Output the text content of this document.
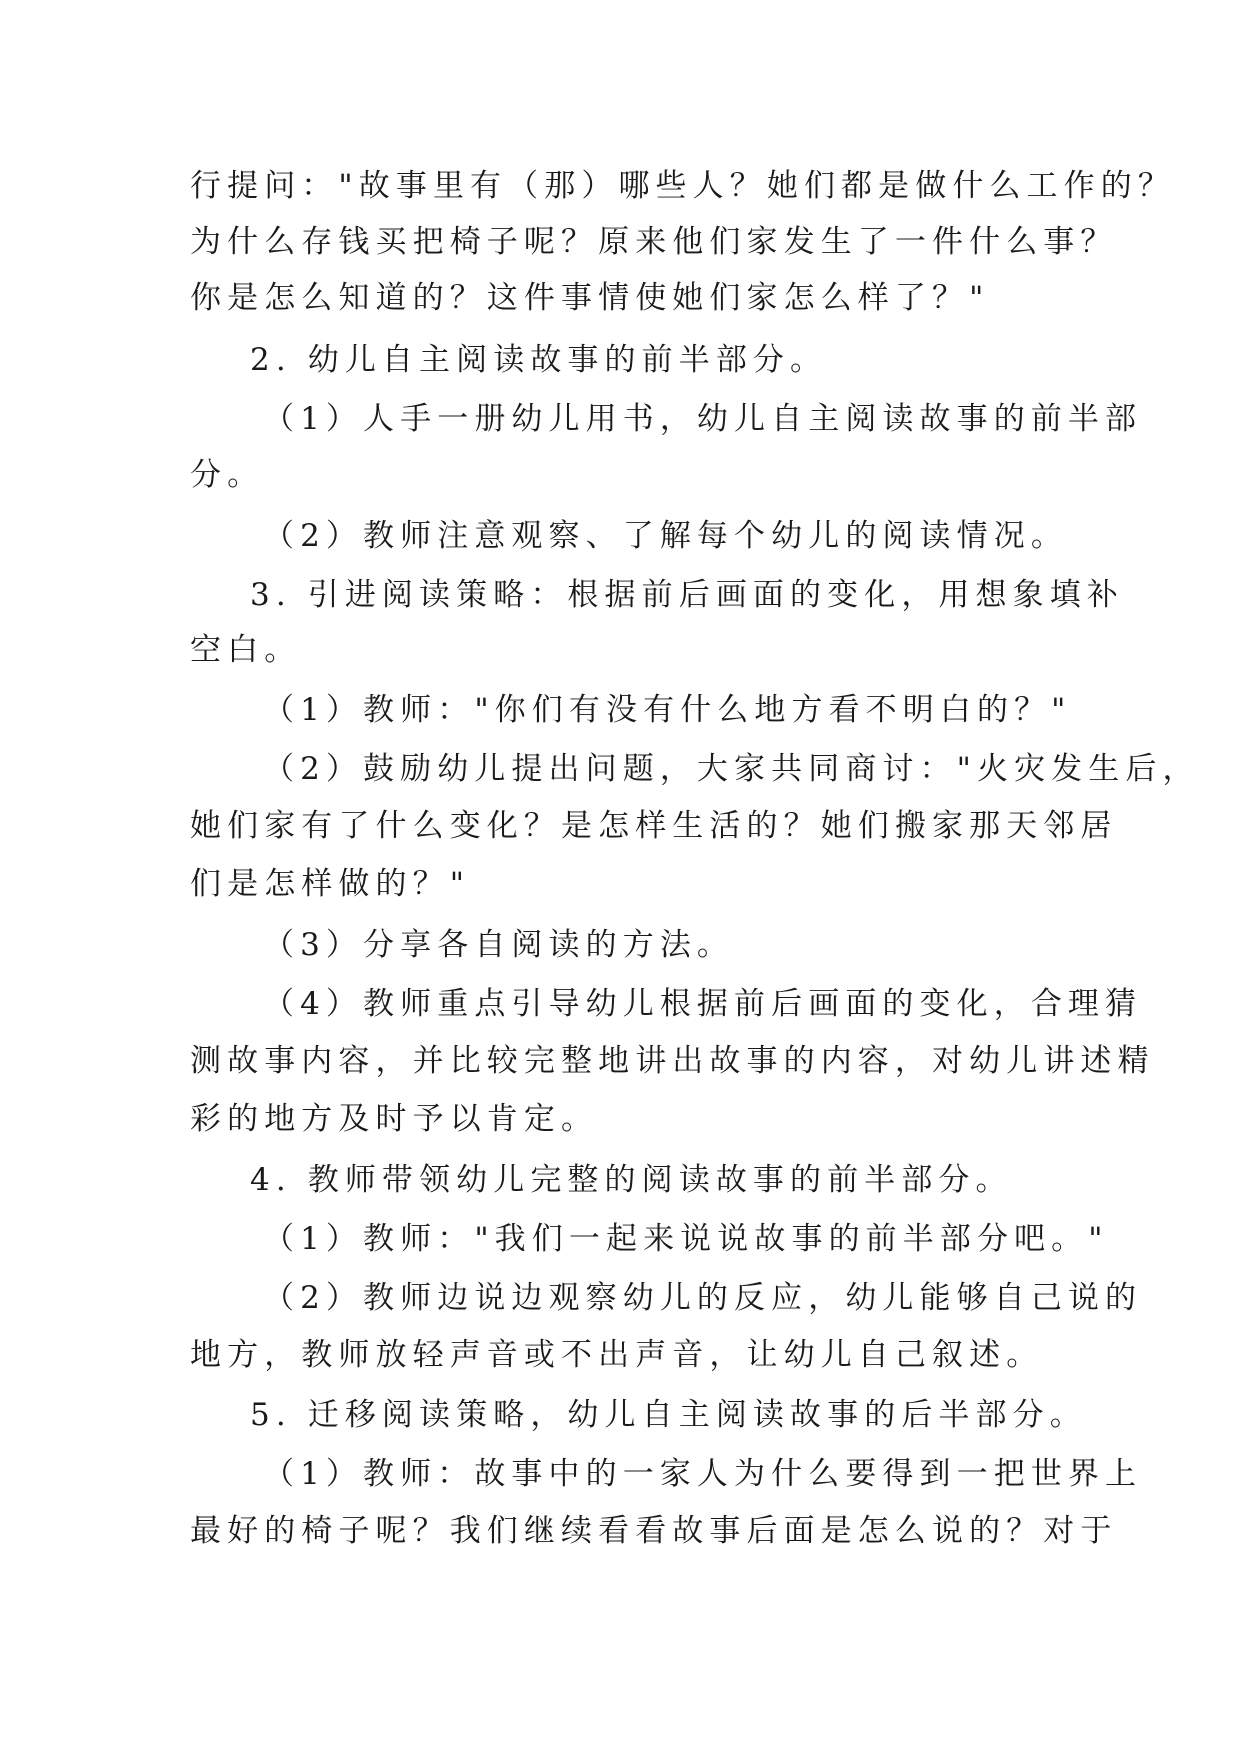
行提问："故事里有（那）哪些人？她们都是做什么工作的？
为什么存钱买把椅子呢？原来他们家发生了一件什么事？
你是怎么知道的？这件事情使她们家怎么样了？"
2. 幼儿自主阅读故事的前半部分。
（1）人手一册幼儿用书，幼儿自主阅读故事的前半部
分。
（2）教师注意观察、了解每个幼儿的阅读情况。
3. 引进阅读策略：根据前后画面的变化，用想象填补
空白。
（1）教师："你们有没有什么地方看不明白的？"
（2）鼓励幼儿提出问题，大家共同商讨："火灾发生后，
她们家有了什么变化？是怎样生活的？她们搬家那天邻居
们是怎样做的？"
（3）分享各自阅读的方法。
（4）教师重点引导幼儿根据前后画面的变化，合理猜
测故事内容，并比较完整地讲出故事的内容，对幼儿讲述精
彩的地方及时予以肯定。
4. 教师带领幼儿完整的阅读故事的前半部分。
（1）教师："我们一起来说说故事的前半部分吧。"
（2）教师边说边观察幼儿的反应，幼儿能够自己说的
地方，教师放轻声音或不出声音，让幼儿自己叙述。
5. 迁移阅读策略，幼儿自主阅读故事的后半部分。
（1）教师：故事中的一家人为什么要得到一把世界上
最好的椅子呢？我们继续看看故事后面是怎么说的？对于
